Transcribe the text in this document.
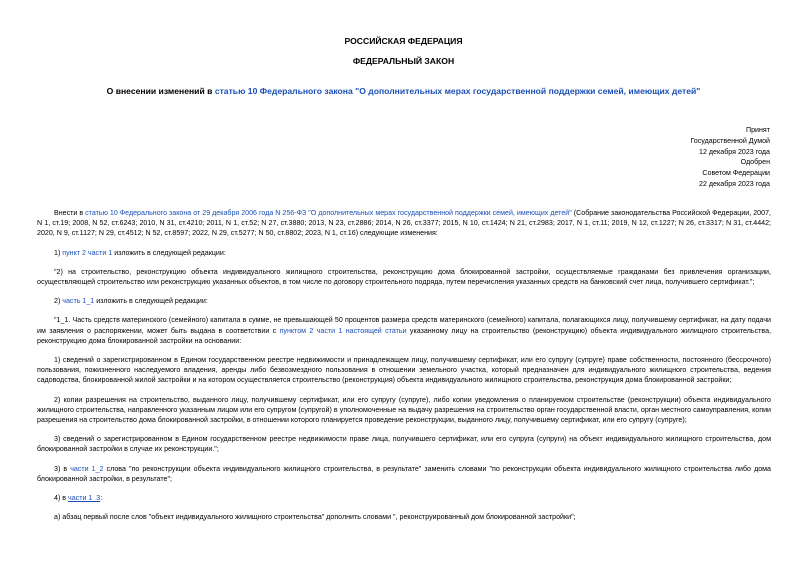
РОССИЙСКАЯ ФЕДЕРАЦИЯ
ФЕДЕРАЛЬНЫЙ ЗАКОН
О внесении изменений в статью 10 Федерального закона "О дополнительных мерах государственной поддержки семей, имеющих детей"
Принят
Государственной Думой
12 декабря 2023 года
Одобрен
Советом Федерации
22 декабря 2023 года

Внести в статью 10 Федерального закона от 29 декабря 2006 года N 256-ФЗ "О дополнительных мерах государственной поддержки семей, имеющих детей" (Собрание законодательства Российской Федерации, 2007, N 1, ст.19; 2008, N 52, ст.6243; 2010, N 31, ст.4210; 2011, N 1, ст.52; N 27, ст.3880; 2013, N 23, ст.2886; 2014, N 26, ст.3377; 2015, N 10, ст.1424; N 21, ст.2983; 2017, N 1, ст.11; 2019, N 12, ст.1227; N 26, ст.3317; N 31, ст.4442; 2020, N 9, ст.1127; N 29, ст.4512; N 52, ст.8597; 2022, N 29, ст.5277; N 50, ст.8802; 2023, N 1, ст.16) следующие изменения:

1) пункт 2 части 1 изложить в следующей редакции:

"2) на строительство, реконструкцию объекта индивидуального жилищного строительства, реконструкцию дома блокированной застройки, осуществляемые гражданами без привлечения организации, осуществляющей строительство или реконструкцию указанных объектов, в том числе по договору строительного подряда, путем перечисления указанных средств на банковский счет лица, получившего сертификат.";

2) часть 1_1 изложить в следующей редакции:

"1_1. Часть средств материнского (семейного) капитала в сумме, не превышающей 50 процентов размера средств материнского (семейного) капитала, полагающихся лицу, получившему сертификат, на дату подачи им заявления о распоряжении, может быть выдана в соответствии с пунктом 2 части 1 настоящей статьи указанному лицу на строительство (реконструкцию) объекта индивидуального жилищного строительства, реконструкцию дома блокированной застройки на основании:

1) сведений о зарегистрированном в Едином государственном реестре недвижимости и принадлежащем лицу, получившему сертификат, или его супругу (супруге) праве собственности, постоянного (бессрочного) пользования, пожизненного наследуемого владения, аренды либо безвозмездного пользования в отношении земельного участка, который предназначен для индивидуального жилищного строительства, ведения садоводства, блокированной жилой застройки и на котором осуществляется строительство (реконструкция) объекта индивидуального жилищного строительства, реконструкция дома блокированной застройки;

2) копии разрешения на строительство, выданного лицу, получившему сертификат, или его супругу (супруге), либо копии уведомления о планируемом строительстве (реконструкции) объекта индивидуального жилищного строительства, направленного указанным лицом или его супругом (супругой) в уполномоченные на выдачу разрешения на строительство орган государственной власти, орган местного самоуправления, копии разрешения на строительство дома блокированной застройки, в отношении которого планируется проведение реконструкции, выданного лицу, получившему сертификат, или его супругу (супруге);

3) сведений о зарегистрированном в Едином государственном реестре недвижимости праве лица, получившего сертификат, или его супруга (супруги) на объект индивидуального жилищного строительства, дом блокированной застройки в случае их реконструкции.";

3) в части 1_2 слова "по реконструкции объекта индивидуального жилищного строительства, в результате" заменить словами "по реконструкции объекта индивидуального жилищного строительства либо дома блокированной застройки, в результате";

4) в части 1_3:

а) абзац первый после слов "объект индивидуального жилищного строительства" дополнить словами ", реконструированный дом блокированной застройки";
